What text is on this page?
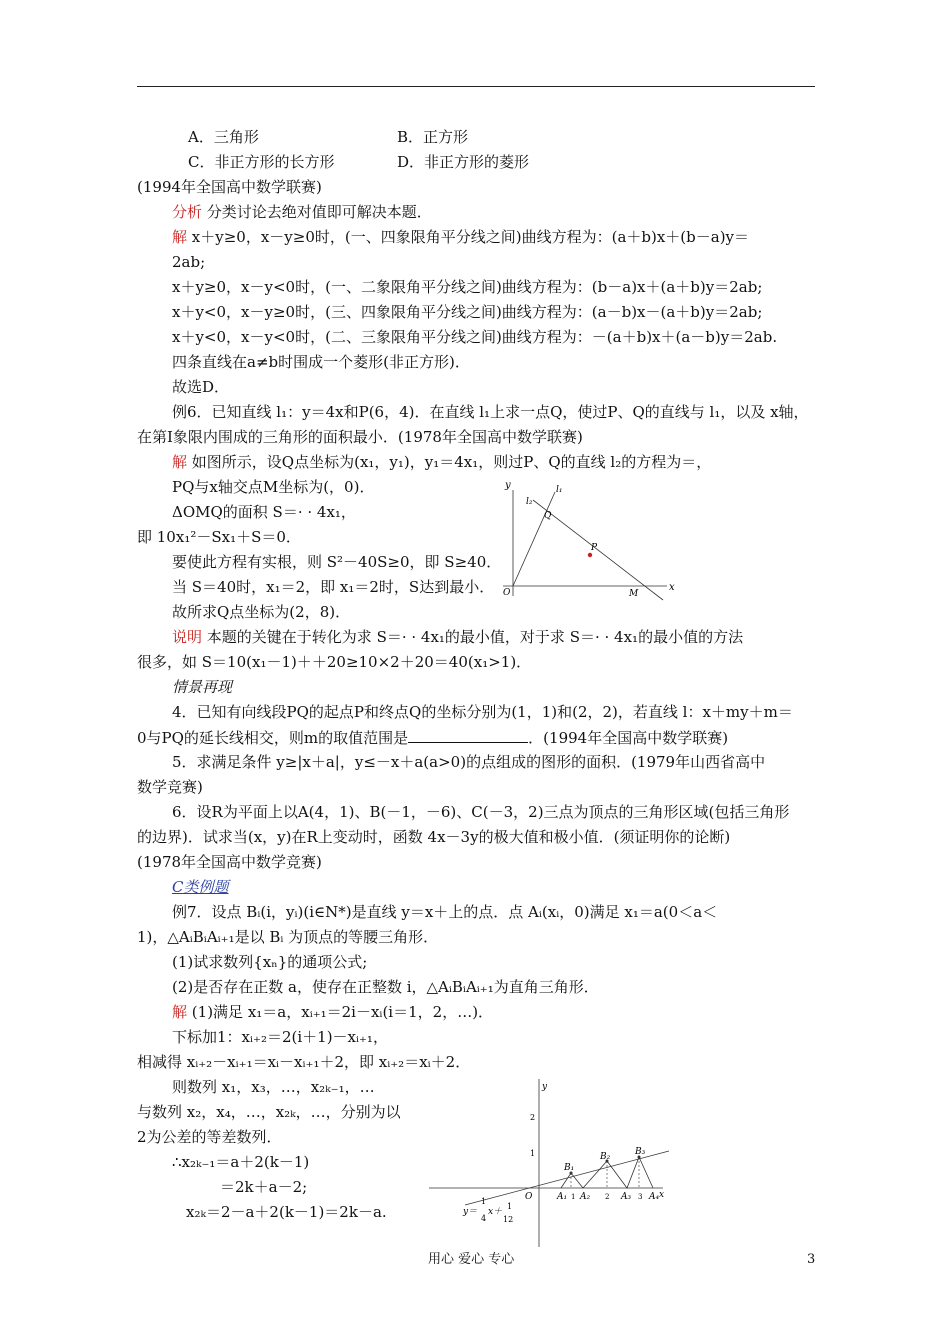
A．三角形	B．正方形
C．非正方形的长方形	D．非正方形的菱形
(1994年全国高中数学联赛)
分析 分类讨论去绝对值即可解决本题．
解 x＋y≥0，x－y≥0时，(一、四象限角平分线之间)曲线方程为：(a＋b)x＋(b－a)y＝
2ab;
x＋y≥0，x－y<0时，(一、二象限角平分线之间)曲线方程为：(b－a)x＋(a＋b)y＝2ab;
x＋y<0，x－y≥0时，(三、四象限角平分线之间)曲线方程为：(a－b)x－(a＋b)y＝2ab;
x＋y<0，x－y<0时，(二、三象限角平分线之间)曲线方程为：－(a＋b)x＋(a－b)y＝2ab.
四条直线在a≠b时围成一个菱形(非正方形)．
故选D．
例6．已知直线 l₁：y＝4x和P(6，4)．在直线 l₁上求一点Q，使过P、Q的直线与 l₁，以及 x轴，
在第Ⅰ象限内围成的三角形的面积最小．(1978年全国高中数学联赛)
解 如图所示，设Q点坐标为(x₁，y₁)，y₁＝4x₁，则过P、Q的直线 l₂的方程为＝，
PQ与x轴交点M坐标为(，0)．
ΔOMQ的面积 S＝· · 4x₁，
即 10x₁²－Sx₁＋S＝0．
要使此方程有实根，则 S²－40S≥0，即 S≥40．
当 S＝40时，x₁＝2，即 x₁＝2时，S达到最小．
故所求Q点坐标为(2，8)．
y
x
O
l₂
l₁
Q
P
M
说明 本题的关键在于转化为求 S＝· · 4x₁的最小值，对于求 S＝· · 4x₁的最小值的方法
很多，如 S＝10(x₁－1)＋＋20≥10×2＋20＝40(x₁>1)．
情景再现
4．已知有向线段PQ的起点P和终点Q的坐标分别为(1，1)和(2，2)，若直线 l：x＋my＋m＝
0与PQ的延长线相交，则m的取值范围是	．(1994年全国高中数学联赛)
5．求满足条件 y≥|x＋a|，y≤－x＋a(a>0)的点组成的图形的面积．(1979年山西省高中
数学竞赛)
6．设R为平面上以A(4，1)、B(－1，－6)、C(－3，2)三点为顶点的三角形区域(包括三角形
的边界)．试求当(x，y)在R上变动时，函数 4x－3y的极大值和极小值．(须证明你的论断)
(1978年全国高中数学竞赛)
C类例题
例7．设点 Bᵢ(i，yᵢ)(i∈N*)是直线 y＝x＋上的点．点 Aᵢ(xᵢ，0)满足 x₁＝a(0＜a＜
1)，△AᵢBᵢAᵢ₊₁是以 Bᵢ 为顶点的等腰三角形．
(1)试求数列{xₙ}的通项公式;
(2)是否存在正数 a，使存在正整数 i，△AᵢBᵢAᵢ₊₁为直角三角形．
解 (1)满足 x₁＝a，xᵢ₊₁＝2i－xᵢ(i＝1，2，…)．
下标加1：xᵢ₊₂＝2(i＋1)－xᵢ₊₁，
相减得 xᵢ₊₂－xᵢ₊₁＝xᵢ－xᵢ₊₁＋2，即 xᵢ₊₂＝xᵢ＋2．
则数列 x₁，x₃，…，x₂ₖ₋₁，…
与数列 x₂，x₄，…，x₂ₖ，…，分别为以
2为公差的等差数列．
∴x₂ₖ₋₁＝a＋2(k－1)
＝2k＋a－2;
x₂ₖ＝2－a＋2(k－1)＝2k－a.
y
x
O
2
1
B₁
B₂	B₃
A₁ A₂	A₃ A₄
1	2	3
1
y＝
4
x＋
1
12
用心 爱心 专心	3
